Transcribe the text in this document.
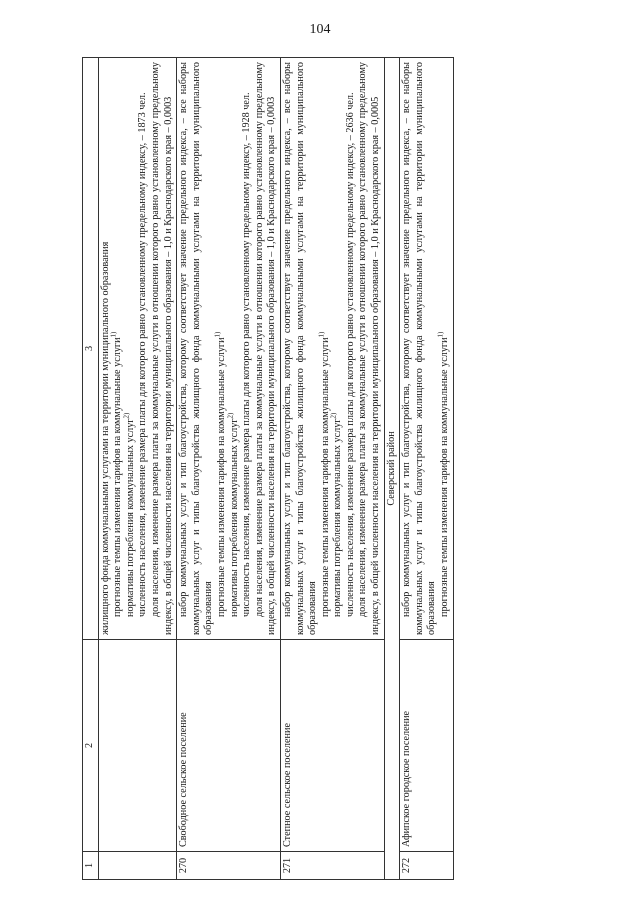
104
1	2	3

		жилищного фонда коммунальными услугами на территории муниципального образования прогнозные темпы изменения тарифов на коммунальные услуги$^{1)}$
нормативы потребления коммунальных услуг$^{2)}$ численность населения, изменение размера платы для которого равно установленному предельному индексу, – 1873 чел. доля населения, изменение размера платы за коммунальные услуги в отношении которого равно установленному предельному индексу, в общей численности населения на территории муниципального образования – 1,0 и Краснодарского края – 0,0003

270	Свободное сельское поселение	набор коммунальных услуг и тип благоустройства, которому соответствует значение предельного индекса, – все наборы коммунальных услуг и типы благоустройства жилищного фонда коммунальными услугами на территории муниципального образования прогнозные темпы изменения тарифов на коммунальные услуги$^{1)}$
нормативы потребления коммунальных услуг$^{2)}$ численность населения, изменение размера платы для которого равно установленному предельному индексу, – 1928 чел. доля населения, изменение размера платы за коммунальные услуги в отношении которого равно установленному предельному индексу, в общей численности населения на территории муниципального образования – 1,0 и Краснодарского края – 0,0003

271	Степное сельское поселение	набор коммунальных услуг и тип благоустройства, которому соответствует значение предельного индекса, – все наборы коммунальных услуг и типы благоустройства жилищного фонда коммунальными услугами на территории муниципального образования прогнозные темпы изменения тарифов на коммунальные услуги$^{1)}$
нормативы потребления коммунальных услуг$^{2)}$ численность населения, изменение размера платы для которого равно установленному предельному индексу, – 2636 чел. доля населения, изменение размера платы за коммунальные услуги в отношении которого равно установленному предельному индексу, в общей численности населения на территории муниципального образования – 1,0 и Краснодарского края – 0,0005

Северский район		
272	Афипское городское поселение	набор коммунальных услуг и тип благоустройства, которому соответствует значение предельного индекса, – все наборы коммунальных услуг и типы благоустройства жилищного фонда коммунальными услугами на территории муниципального образования прогнозные темпы изменения тарифов на коммунальные услуги$^{1)}$
